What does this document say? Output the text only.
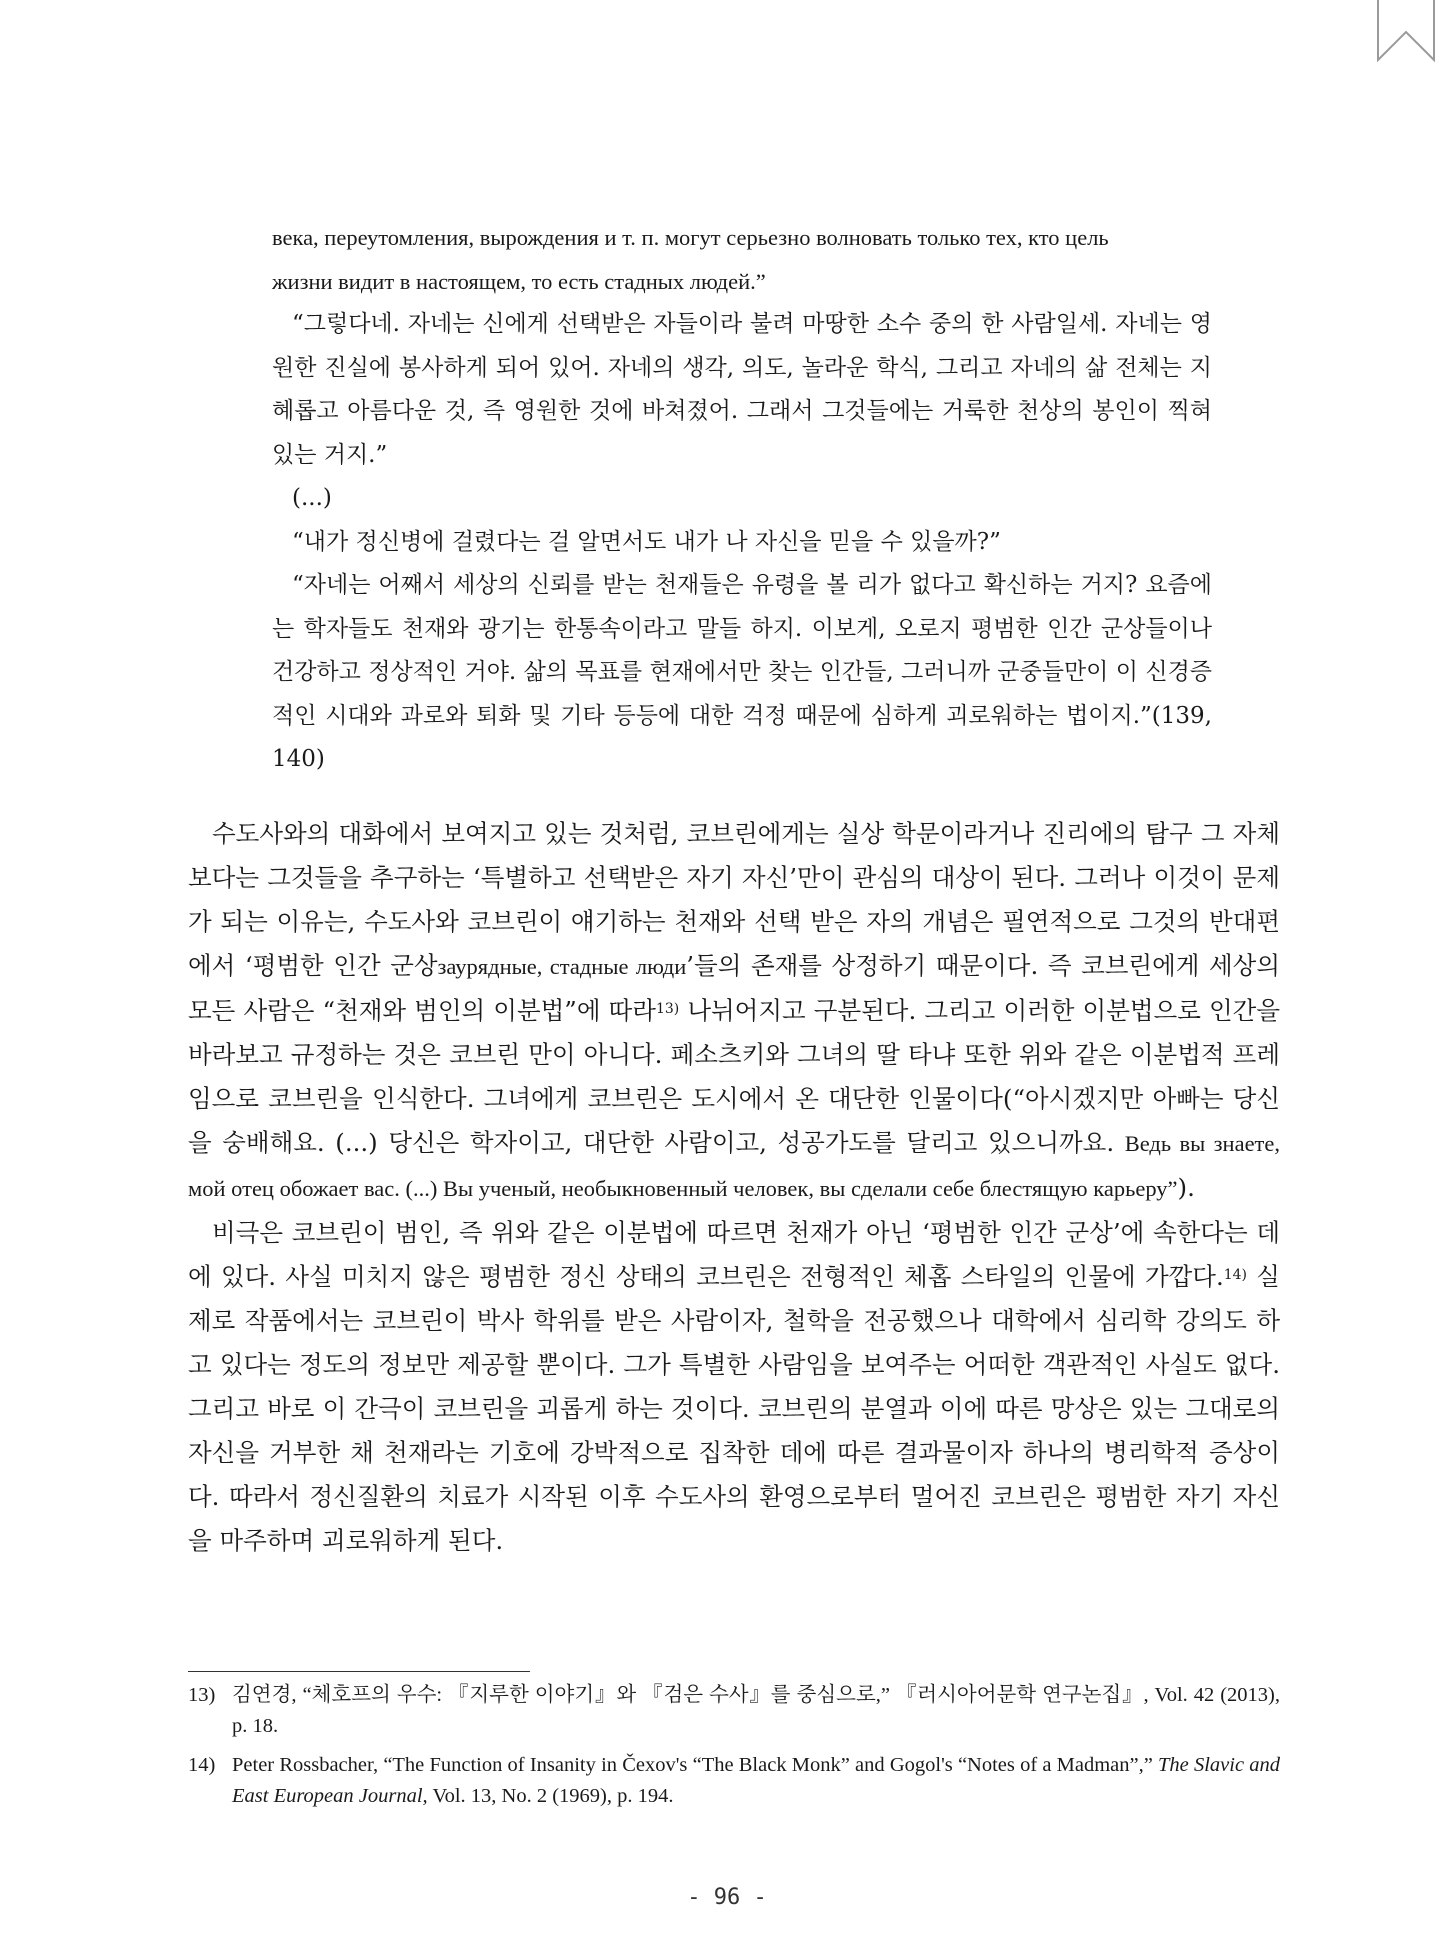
века, переутомления, вырождения и т. п. могут серьезно волновать только тех, кто цель

жизни видит в настоящем, то есть стадных людей.”

“그렇다네. 자네는 신에게 선택받은 자들이라 불려 마땅한 소수 중의 한 사람일세. 자네는 영원한 진실에 봉사하게 되어 있어. 자네의 생각, 의도, 놀라운 학식, 그리고 자네의 삶 전체는 지혜롭고 아름다운 것, 즉 영원한 것에 바쳐졌어. 그래서 그것들에는 거룩한 천상의 봉인이 찍혀 있는 거지.”

(...)

“내가 정신병에 걸렸다는 걸 알면서도 내가 나 자신을 믿을 수 있을까?”

“자네는 어째서 세상의 신뢰를 받는 천재들은 유령을 볼 리가 없다고 확신하는 거지? 요즘에는 학자들도 천재와 광기는 한통속이라고 말들 하지. 이보게, 오로지 평범한 인간 군상들이나 건강하고 정상적인 거야. 삶의 목표를 현재에서만 찾는 인간들, 그러니까 군중들만이 이 신경증적인 시대와 과로와 퇴화 및 기타 등등에 대한 걱정 때문에 심하게 괴로워하는 법이지.”(139, 140)

수도사와의 대화에서 보여지고 있는 것처럼, 코브린에게는 실상 학문이라거나 진리에의 탐구 그 자체보다는 그것들을 추구하는 ‘특별하고 선택받은 자기 자신’만이 관심의 대상이 된다. 그러나 이것이 문제가 되는 이유는, 수도사와 코브린이 얘기하는 천재와 선택 받은 자의 개념은 필연적으로 그것의 반대편에서 ‘평범한 인간 군상заурядные, стадные люди’들의 존재를 상정하기 때문이다. 즉 코브린에게 세상의 모든 사람은 “천재와 범인의 이분법”에 따라$^{13)}$ 나뉘어지고 구분된다. 그리고 이러한 이분법으로 인간을 바라보고 규정하는 것은 코브린 만이 아니다. 페소츠키와 그녀의 딸 타냐 또한 위와 같은 이분법적 프레임으로 코브린을 인식한다. 그녀에게 코브린은 도시에서 온 대단한 인물이다(“아시겠지만 아빠는 당신을 숭배해요. (...) 당신은 학자이고, 대단한 사람이고, 성공가도를 달리고 있으니까요. Ведь вы знаете, мой отец обожает вас. (...) Вы ученый, необыкновенный человек, вы сделали себе блестящую карьеру”).

비극은 코브린이 범인, 즉 위와 같은 이분법에 따르면 천재가 아닌 ‘평범한 인간 군상’에 속한다는 데에 있다. 사실 미치지 않은 평범한 정신 상태의 코브린은 전형적인 체홉 스타일의 인물에 가깝다.$^{14)}$ 실제로 작품에서는 코브린이 박사 학위를 받은 사람이자, 철학을 전공했으나 대학에서 심리학 강의도 하고 있다는 정도의 정보만 제공할 뿐이다. 그가 특별한 사람임을 보여주는 어떠한 객관적인 사실도 없다. 그리고 바로 이 간극이 코브린을 괴롭게 하는 것이다. 코브린의 분열과 이에 따른 망상은 있는 그대로의 자신을 거부한 채 천재라는 기호에 강박적으로 집착한 데에 따른 결과물이자 하나의 병리학적 증상이다. 따라서 정신질환의 치료가 시작된 이후 수도사의 환영으로부터 멀어진 코브린은 평범한 자기 자신을 마주하며 괴로워하게 된다.

13) 김연경, “체호프의 우수: 『지루한 이야기』와 『검은 수사』를 중심으로,” 『러시아어문학 연구논집』, Vol. 42 (2013), p. 18.
14) Peter Rossbacher, “The Function of Insanity in Čexov's “The Black Monk” and Gogol's “Notes of a Madman”,” The Slavic and East European Journal, Vol. 13, No. 2 (1969), p. 194.
- 96 -
